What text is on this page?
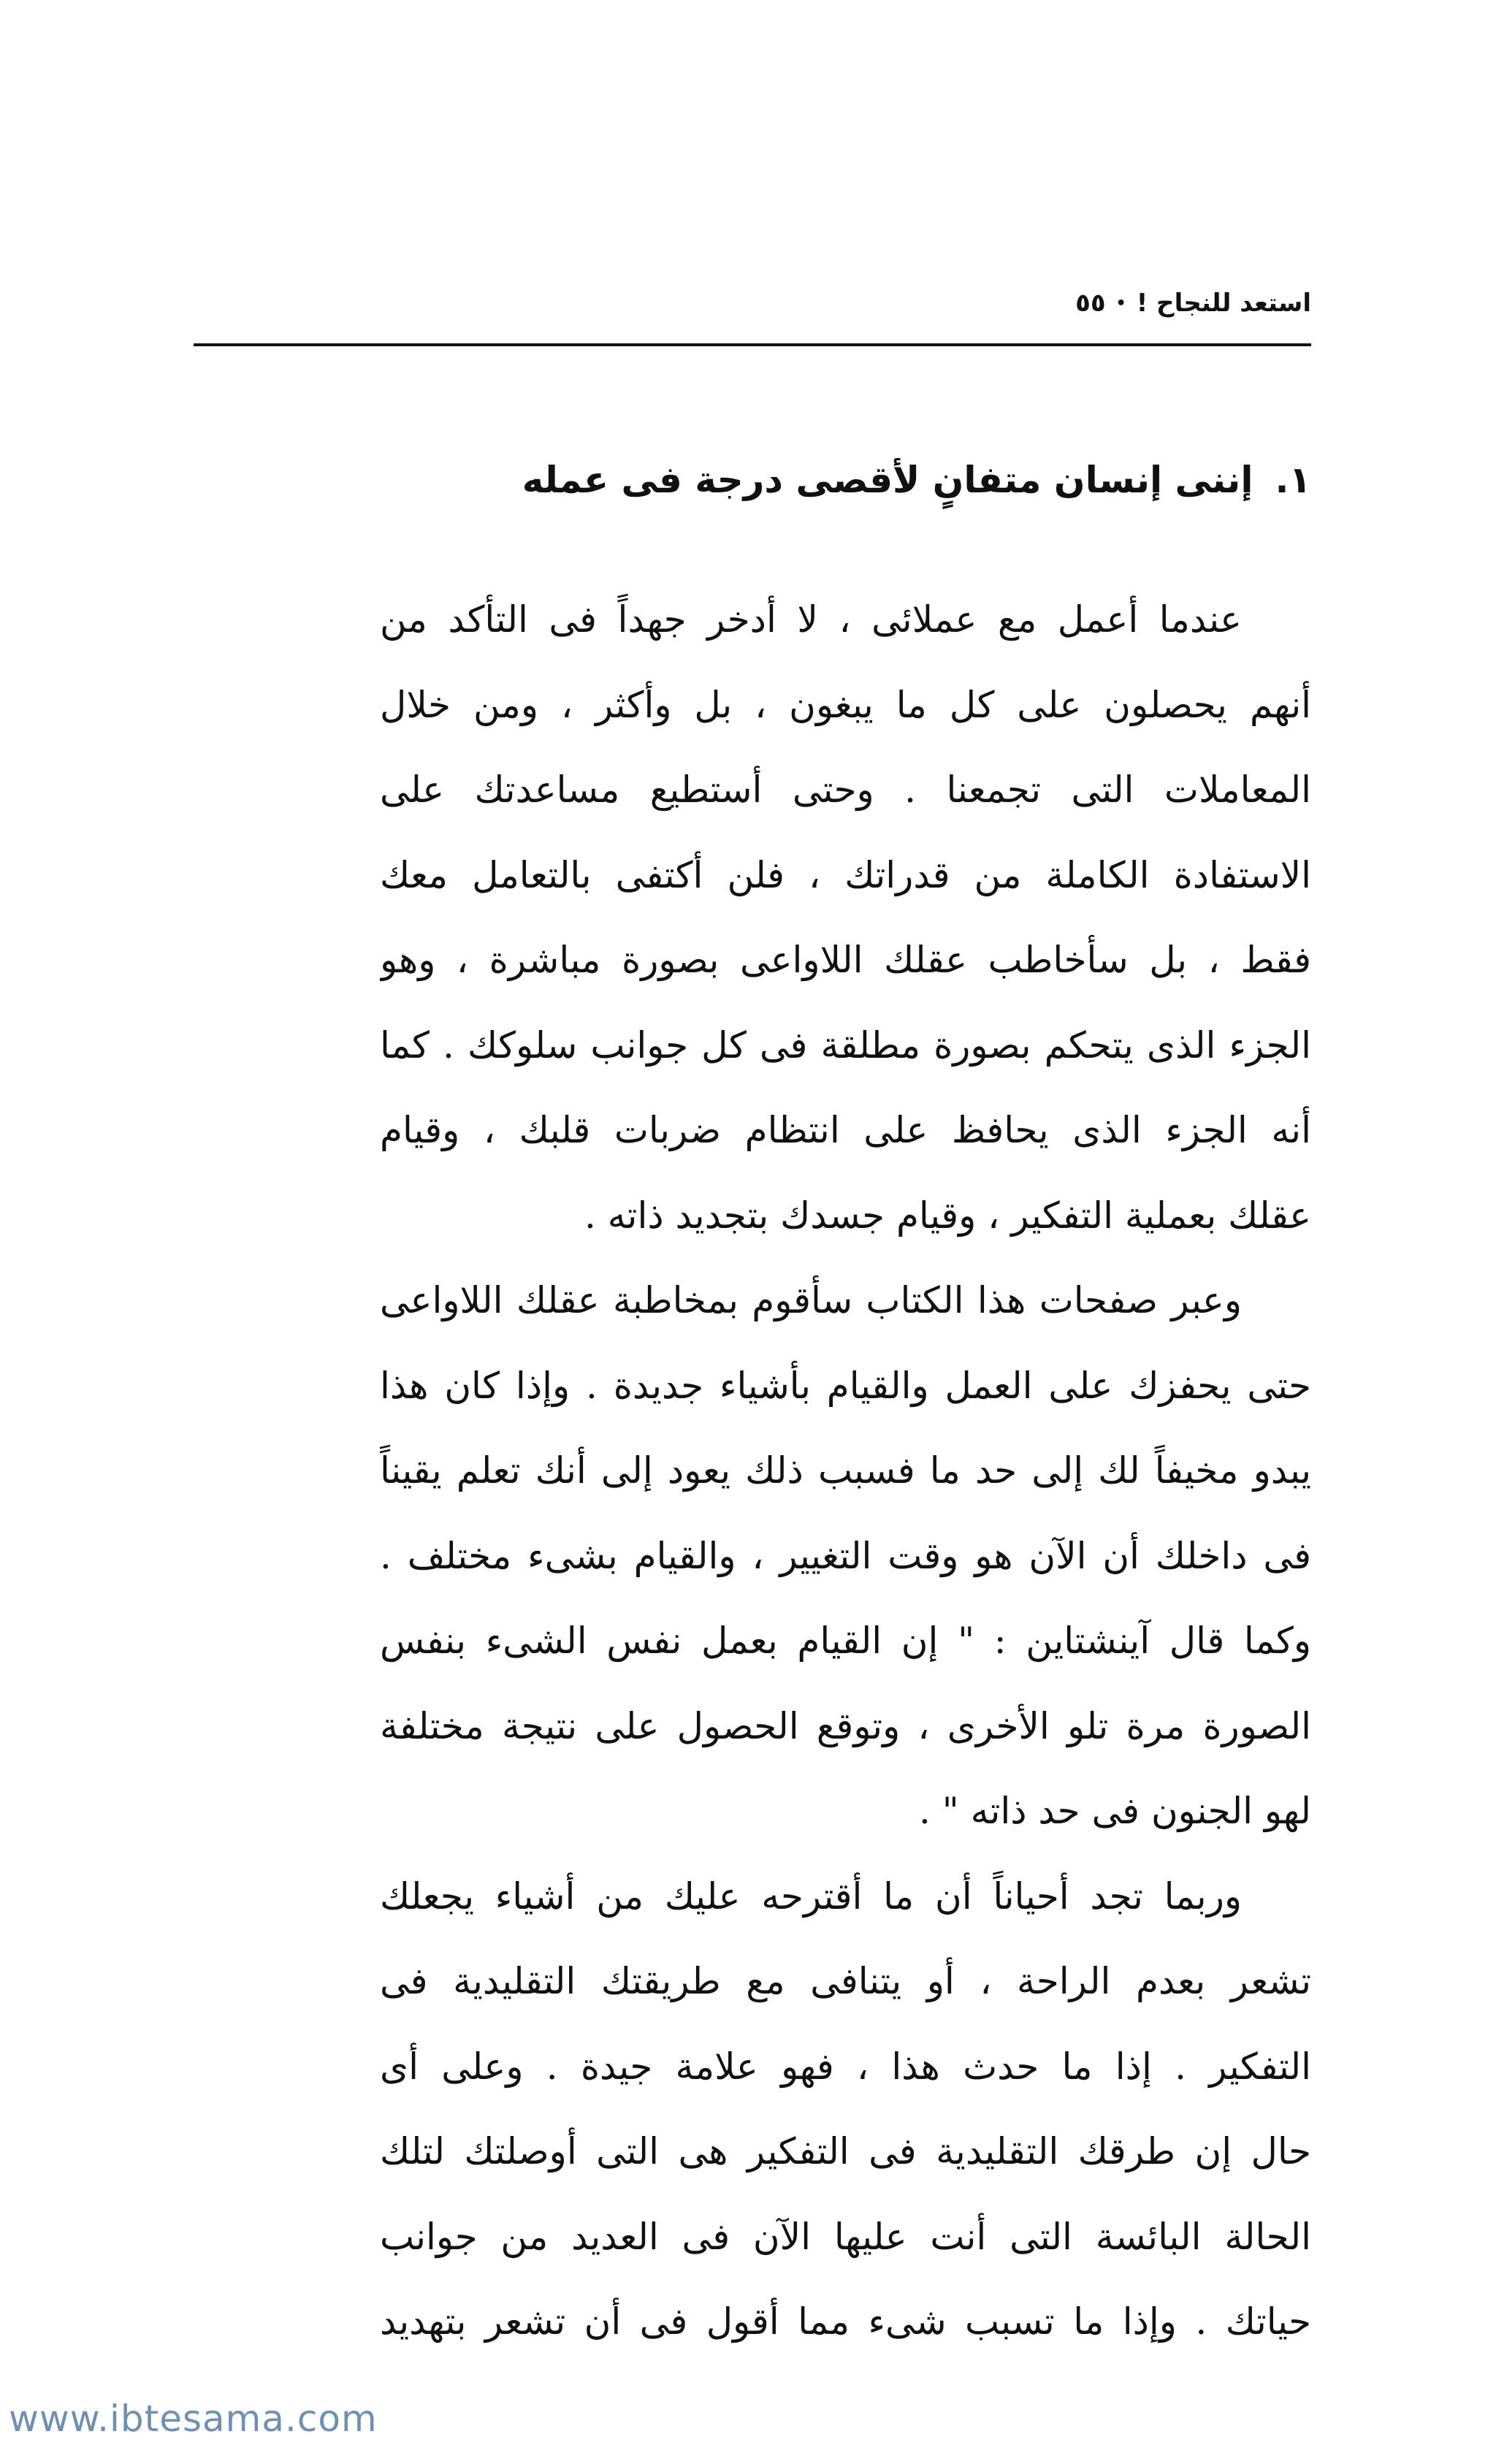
استعد للنجاح !
•
٥٥
١.إننى إنسان متفانٍ لأقصى درجة فى عمله
عندما أعمل مع عملائى ، لا أدخر جهداً فى التأكد من
أنهم يحصلون على كل ما يبغون ، بل وأكثر ، ومن خلال
المعاملات التى تجمعنا . وحتى أستطيع مساعدتك على
الاستفادة الكاملة من قدراتك ، فلن أكتفى بالتعامل معك
فقط ، بل سأخاطب عقلك اللاواعى بصورة مباشرة ، وهو
الجزء الذى يتحكم بصورة مطلقة فى كل جوانب سلوكك . كما
أنه الجزء الذى يحافظ على انتظام ضربات قلبك ، وقيام
عقلك بعملية التفكير ، وقيام جسدك بتجديد ذاته .
وعبر صفحات هذا الكتاب سأقوم بمخاطبة عقلك اللاواعى
حتى يحفزك على العمل والقيام بأشياء جديدة . وإذا كان هذا
يبدو مخيفاً لك إلى حد ما فسبب ذلك يعود إلى أنك تعلم يقيناً
فى داخلك أن الآن هو وقت التغيير ، والقيام بشىء مختلف .
وكما قال آينشتاين : " إن القيام بعمل نفس الشىء بنفس
الصورة مرة تلو الأخرى ، وتوقع الحصول على نتيجة مختلفة
لهو الجنون فى حد ذاته " .
وربما تجد أحياناً أن ما أقترحه عليك من أشياء يجعلك
تشعر بعدم الراحة ، أو يتنافى مع طريقتك التقليدية فى
التفكير . إذا ما حدث هذا ، فهو علامة جيدة . وعلى أى
حال إن طرقك التقليدية فى التفكير هى التى أوصلتك لتلك
الحالة البائسة التى أنت عليها الآن فى العديد من جوانب
حياتك . وإذا ما تسبب شىء مما أقول فى أن تشعر بتهديد
www.ibtesama.com
